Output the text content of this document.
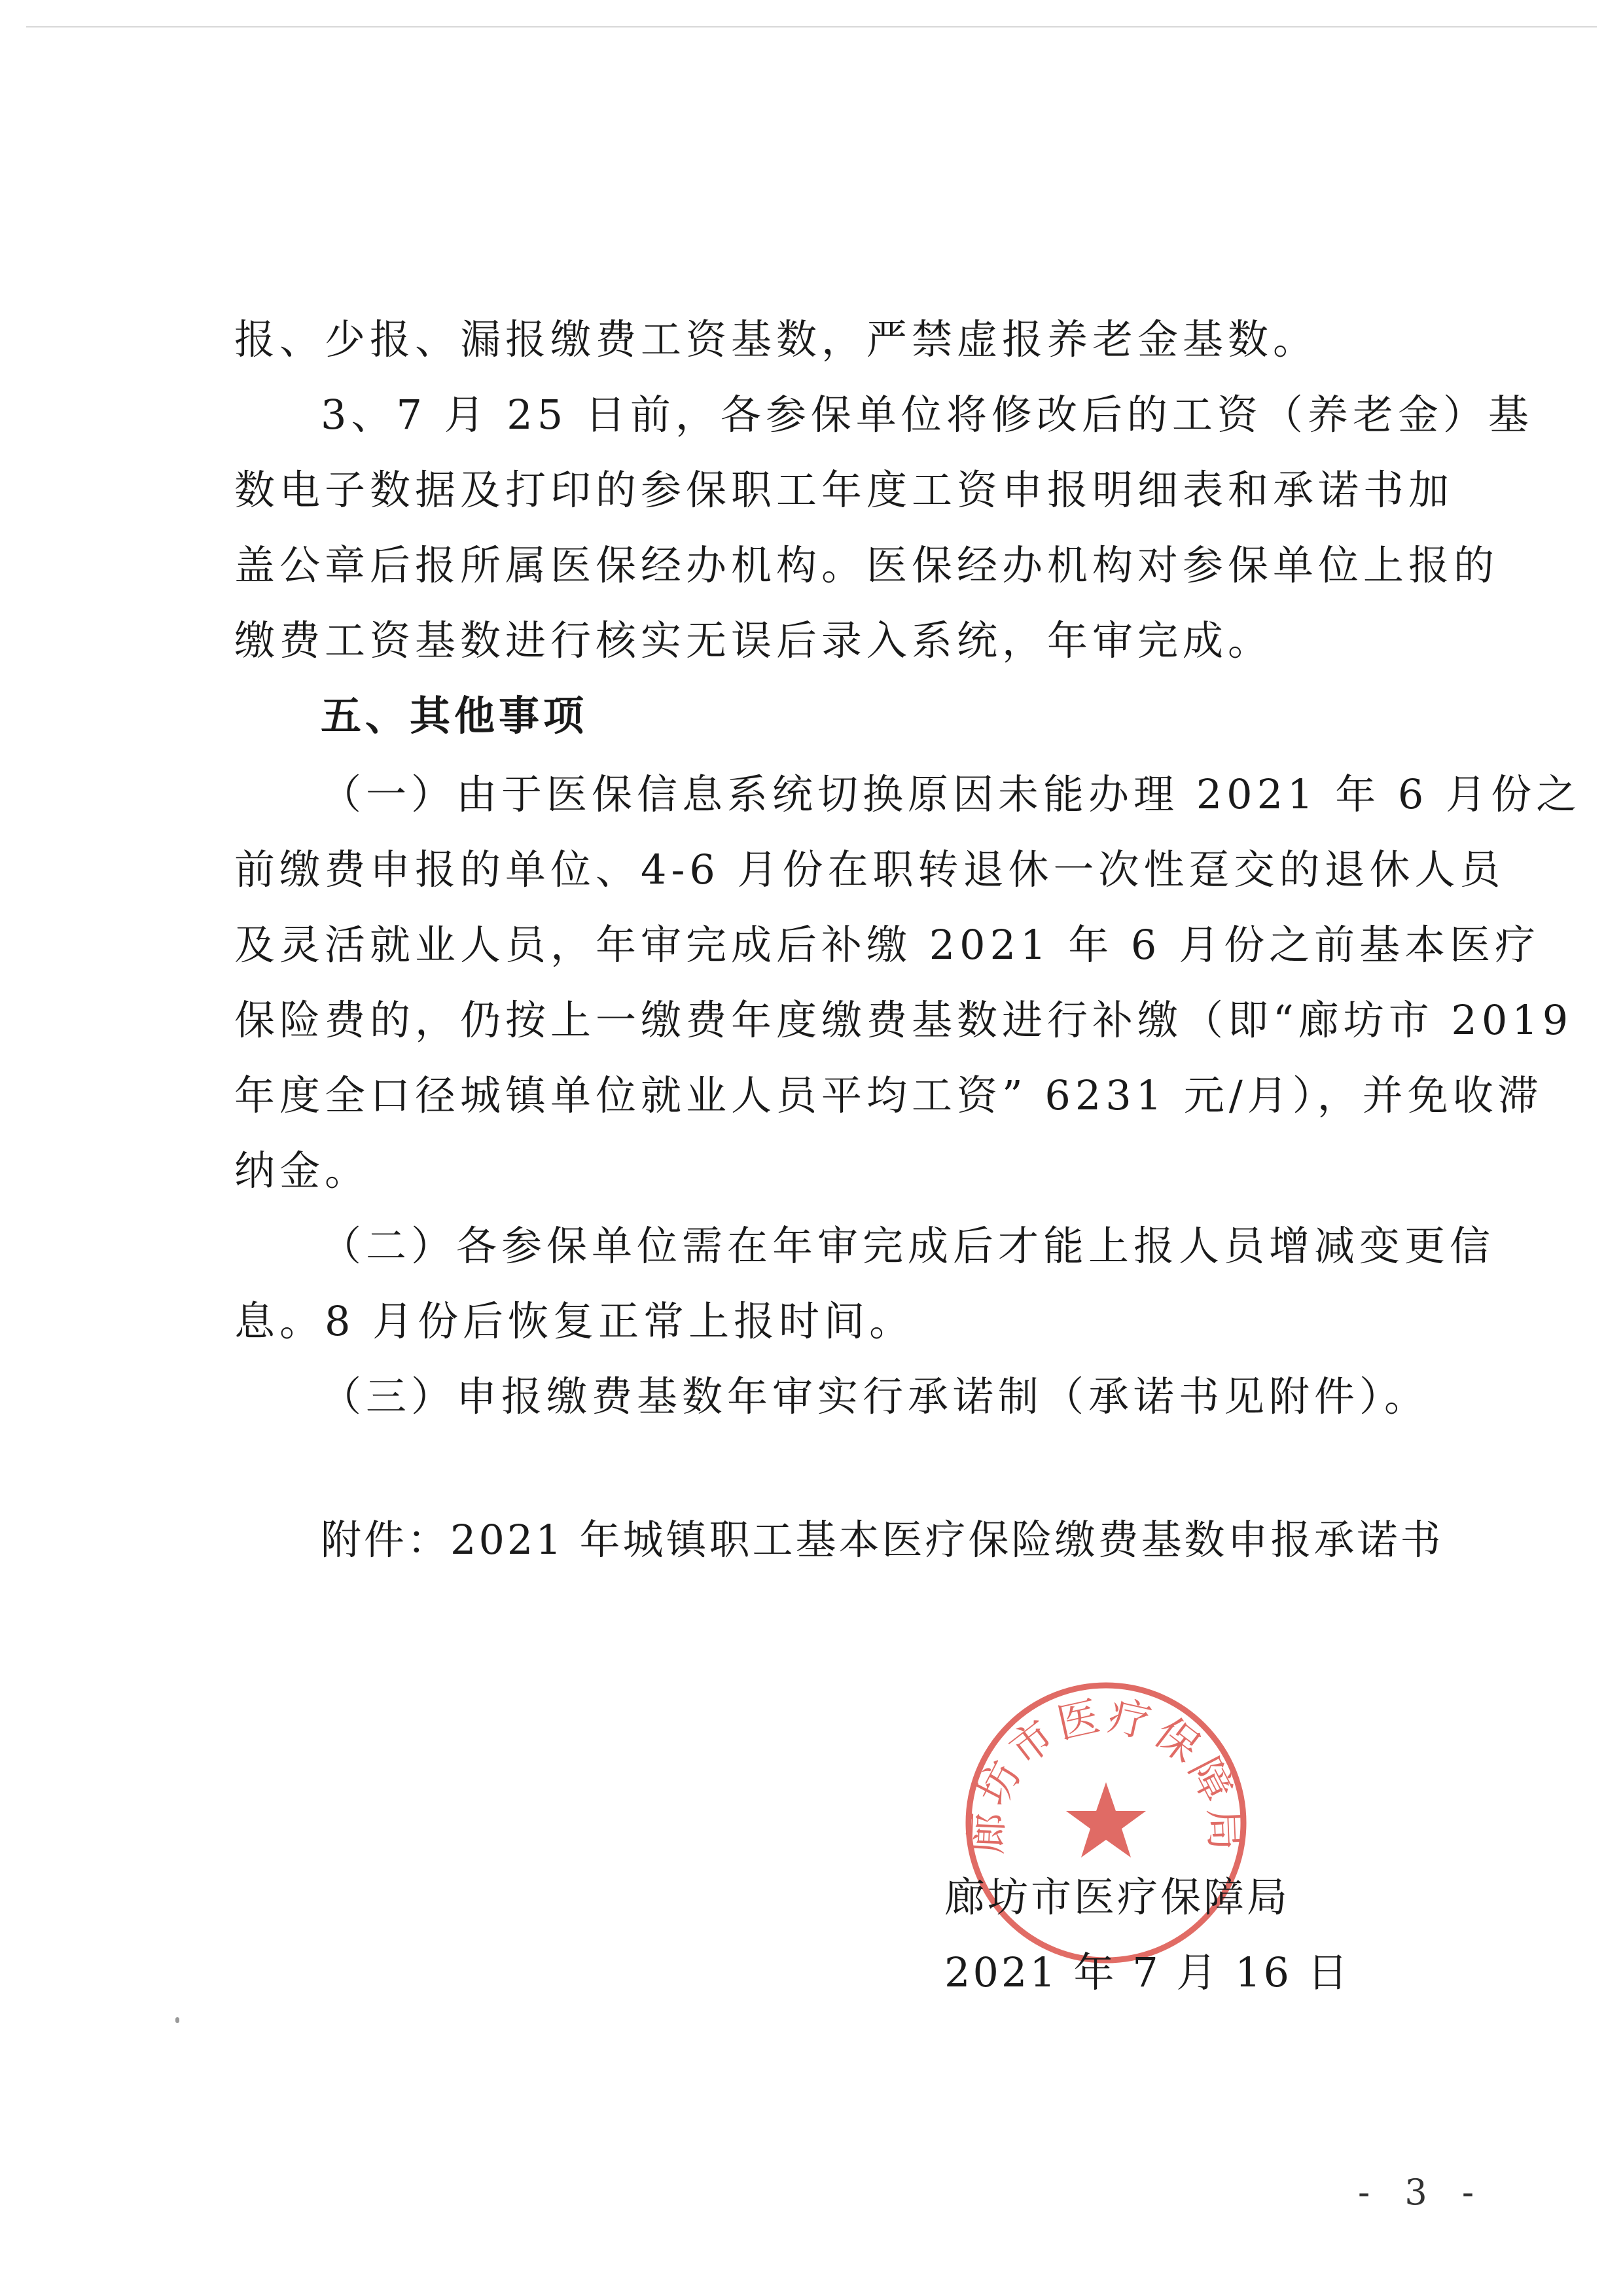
报、少报、漏报缴费工资基数，严禁虚报养老金基数。
3、7 月 25 日前，各参保单位将修改后的工资（养老金）基
数电子数据及打印的参保职工年度工资申报明细表和承诺书加
盖公章后报所属医保经办机构。医保经办机构对参保单位上报的
缴费工资基数进行核实无误后录入系统，年审完成。
五、其他事项
（一）由于医保信息系统切换原因未能办理 2021 年 6 月份之
前缴费申报的单位、4-6 月份在职转退休一次性趸交的退休人员
及灵活就业人员，年审完成后补缴 2021 年 6 月份之前基本医疗
保险费的，仍按上一缴费年度缴费基数进行补缴（即“廊坊市 2019
年度全口径城镇单位就业人员平均工资” 6231 元/月），并免收滞
纳金。
（二）各参保单位需在年审完成后才能上报人员增减变更信
息。8 月份后恢复正常上报时间。
（三）申报缴费基数年审实行承诺制（承诺书见附件）。
附件：2021 年城镇职工基本医疗保险缴费基数申报承诺书
廊坊市医疗保障局
廊坊市医疗保障局
2021 年 7 月 16 日
- 3 -
